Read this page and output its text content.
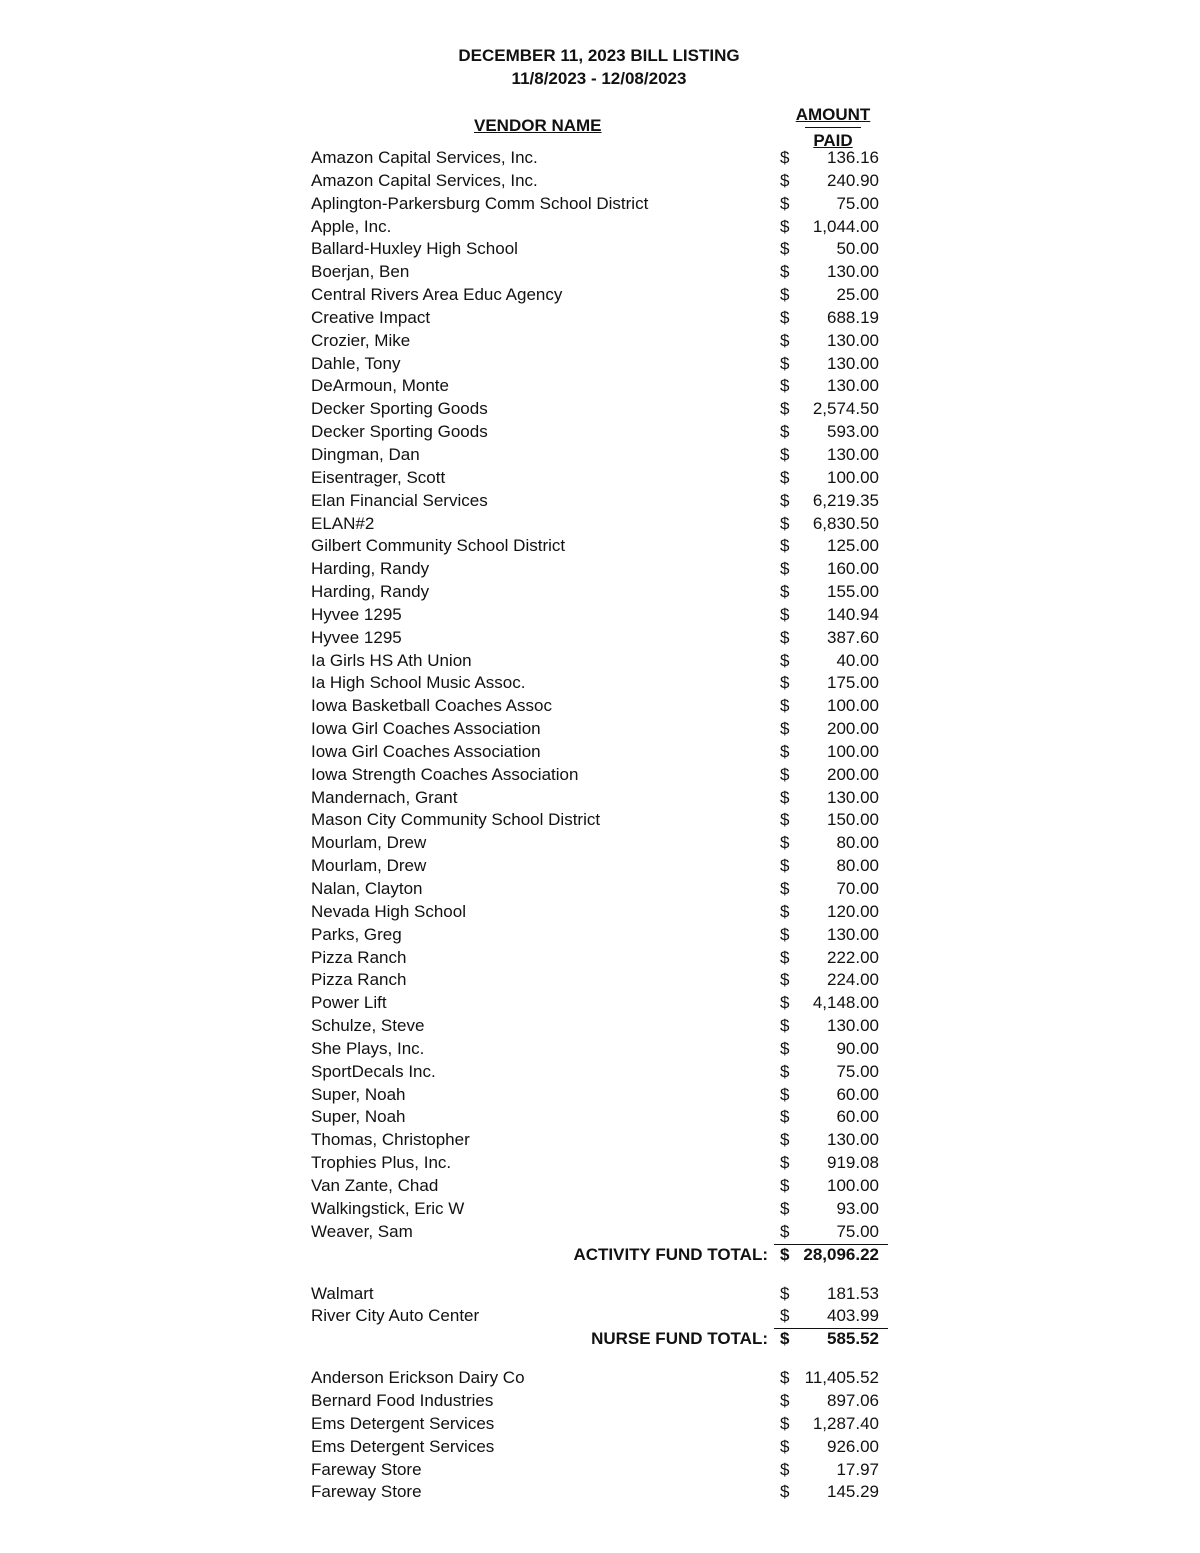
DECEMBER 11, 2023 BILL LISTING
11/8/2023 - 12/08/2023
VENDOR NAME
AMOUNT
PAID
Amazon Capital Services, Inc.	$	136.16
Amazon Capital Services, Inc.	$	240.90
Aplington-Parkersburg Comm School District	$	75.00
Apple, Inc.	$	1,044.00
Ballard-Huxley High School	$	50.00
Boerjan, Ben	$	130.00
Central Rivers Area Educ Agency	$	25.00
Creative Impact	$	688.19
Crozier, Mike	$	130.00
Dahle, Tony	$	130.00
DeArmoun, Monte	$	130.00
Decker Sporting Goods	$	2,574.50
Decker Sporting Goods	$	593.00
Dingman, Dan	$	130.00
Eisentrager, Scott	$	100.00
Elan Financial Services	$	6,219.35
ELAN#2	$	6,830.50
Gilbert Community School District	$	125.00
Harding, Randy	$	160.00
Harding, Randy	$	155.00
Hyvee 1295	$	140.94
Hyvee 1295	$	387.60
Ia Girls HS Ath Union	$	40.00
Ia High School Music Assoc.	$	175.00
Iowa Basketball Coaches Assoc	$	100.00
Iowa Girl Coaches Association	$	200.00
Iowa Girl Coaches Association	$	100.00
Iowa Strength Coaches Association	$	200.00
Mandernach, Grant	$	130.00
Mason City Community School District	$	150.00
Mourlam, Drew	$	80.00
Mourlam, Drew	$	80.00
Nalan, Clayton	$	70.00
Nevada High School	$	120.00
Parks, Greg	$	130.00
Pizza Ranch	$	222.00
Pizza Ranch	$	224.00
Power Lift	$	4,148.00
Schulze, Steve	$	130.00
She Plays, Inc.	$	90.00
SportDecals Inc.	$	75.00
Super, Noah	$	60.00
Super, Noah	$	60.00
Thomas, Christopher	$	130.00
Trophies Plus, Inc.	$	919.08
Van Zante, Chad	$	100.00
Walkingstick, Eric W	$	93.00
Weaver, Sam	$	75.00
ACTIVITY FUND TOTAL: $ 28,096.22
Walmart	$	181.53
River City Auto Center	$	403.99
NURSE FUND TOTAL: $	585.52
Anderson Erickson Dairy Co	$ 11,405.52
Bernard Food Industries	$	897.06
Ems Detergent Services	$	1,287.40
Ems Detergent Services	$	926.00
Fareway Store	$	17.97
Fareway Store	$	145.29
